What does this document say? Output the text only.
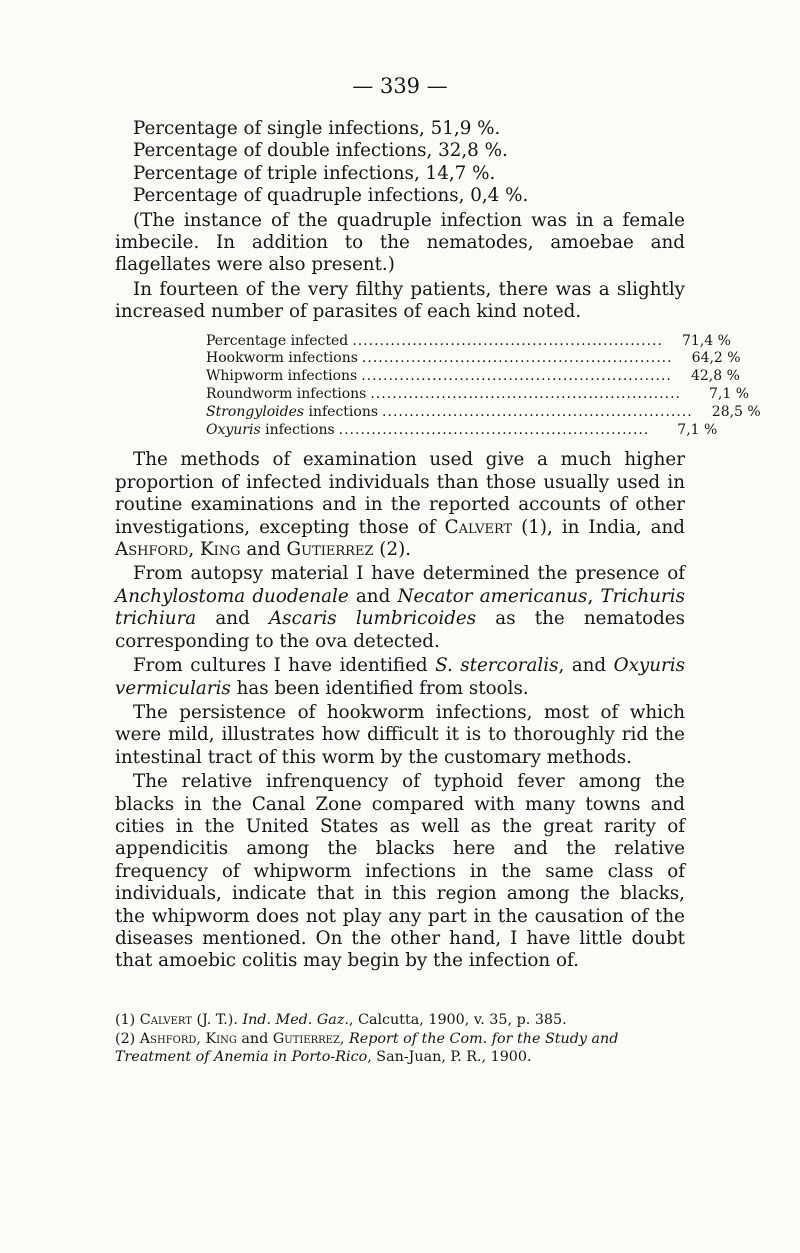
— 339 —

Percentage of single infections, 51,9 %.

Percentage of double infections, 32,8 %.

Percentage of triple infections, 14,7 %.

Percentage of quadruple infections, 0,4 %.

(The instance of the quadruple infection was in a female imbecile. In addition to the nematodes, amoebae and flagellates were also present.)

In fourteen of the very filthy patients, there was a slightly increased number of parasites of each kind noted.

Percentage infected .........................................................	71,4 %
Hookworm infections .........................................................	64,2 %
Whipworm infections .........................................................	42,8 %
Roundworm infections .........................................................	7,1 %
Strongyloides infections .........................................................	28,5 %
Oxyuris infections .........................................................	7,1 %

The methods of examination used give a much higher proportion of infected individuals than those usually used in routine examinations and in the reported accounts of other investigations, excepting those of Calvert (1), in India, and Ashford, King and Gutierrez (2).

From autopsy material I have determined the presence of Anchylostoma duodenale and Necator americanus, Trichuris trichiura and Ascaris lumbricoides as the nematodes corresponding to the ova detected.

From cultures I have identified S. stercoralis, and Oxyuris vermicularis has been identified from stools.

The persistence of hookworm infections, most of which were mild, illustrates how difficult it is to thoroughly rid the intestinal tract of this worm by the customary methods.

The relative infrenquency of typhoid fever among the blacks in the Canal Zone compared with many towns and cities in the United States as well as the great rarity of appendicitis among the blacks here and the relative frequency of whipworm infections in the same class of individuals, indicate that in this region among the blacks, the whipworm does not play any part in the causation of the diseases mentioned. On the other hand, I have little doubt that amoebic colitis may begin by the infection of.

(1) Calvert (J. T.). Ind. Med. Gaz., Calcutta, 1900, v. 35, p. 385.

(2) Ashford, King and Gutierrez, Report of the Com. for the Study and Treatment of Anemia in Porto-Rico, San-Juan, P. R., 1900.
